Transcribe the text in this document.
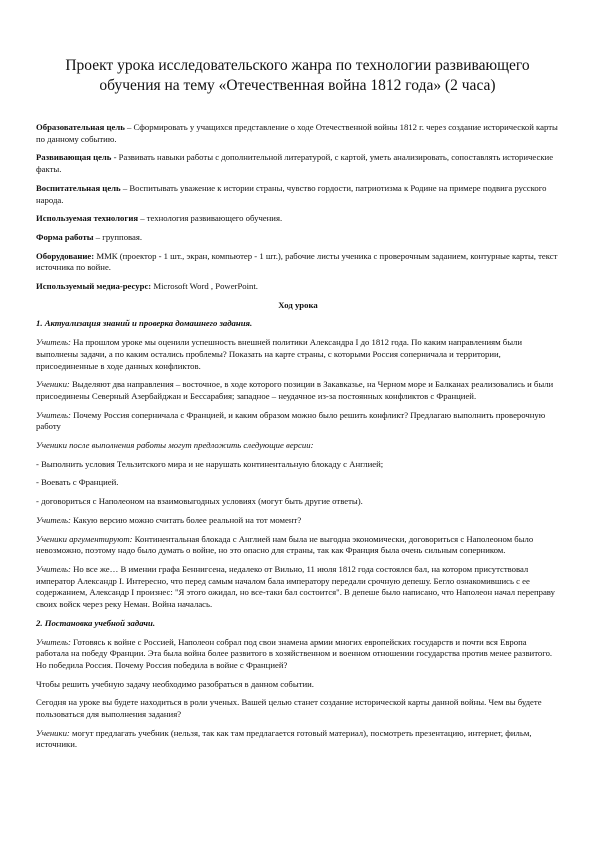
Проект урока исследовательского жанра по технологии развивающего обучения на тему «Отечественная война 1812 года» (2 часа)

Образовательная цель – Сформировать у учащихся представление о ходе Отечественной войны 1812 г. через создание исторической карты по данному событию.

Развивающая цель - Развивать навыки работы с дополнительной литературой, с картой, уметь анализировать, сопоставлять исторические факты.

Воспитательная цель – Воспитывать уважение к истории страны, чувство гордости, патриотизма к Родине на примере подвига русского народа.

Используемая технология – технология развивающего обучения.

Форма работы – групповая.

Оборудование: ММК (проектор - 1 шт., экран, компьютер - 1 шт.), рабочие листы ученика с проверочным заданием, контурные карты, текст источника по войне.

Используемый медиа-ресурс: Microsoft Word , PowerPoint.

Ход урока

1. Актуализация знаний и проверка домашнего задания.

Учитель: На прошлом уроке мы оценили успешность внешней политики Александра I до 1812 года. По каким направлениям были выполнены задачи, а по каким остались проблемы? Показать на карте страны, с которыми Россия соперничала и территории, присоединенные в ходе данных конфликтов.

Ученики: Выделяют два направления – восточное, в ходе которого позиции в Закавказье, на Черном море и Балканах реализовались и были присоединены Северный Азербайджан и Бессарабия; западное – неудачное из-за постоянных конфликтов с Францией.

Учитель: Почему Россия соперничала с Францией, и каким образом можно было решить конфликт? Предлагаю выполнить проверочную работу

Ученики после выполнения работы могут предложить следующие версии:

- Выполнить условия Тельзитского мира и не нарушать континентальную блокаду с Англией;

- Воевать с Францией.

- договориться с Наполеоном на взаимовыгодных условиях (могут быть другие ответы).

Учитель: Какую версию можно считать более реальной на тот момент?

Ученики аргументируют: Континентальная блокада с Англией нам была не выгодна экономически, договориться с Наполеоном было невозможно, поэтому надо было думать о войне, но это опасно для страны, так как Франция была очень сильным соперником.

Учитель: Но все же… В имении графа Беннигсена, недалеко от Вильно, 11 июля 1812 года состоялся бал, на котором присутствовал император Александр I. Интересно, что перед самым началом бала императору передали срочную депешу. Бегло ознакомившись с ее содержанием, Александр I произнес: "Я этого ожидал, но все-таки бал состоится". В депеше было написано, что Наполеон начал переправу своих войск через реку Неман. Война началась.

2. Постановка учебной задачи.

Учитель: Готовясь к войне с Россией, Наполеон собрал под свои знамена армии многих европейских государств и почти вся Европа работала на победу Франции. Эта была война более развитого в хозяйственном и военном отношении государства против менее развитого. Но победила Россия. Почему Россия победила в войне с Францией?

Чтобы решить учебную задачу необходимо разобраться в данном событии.

Сегодня на уроке вы будете находиться в роли ученых. Вашей целью станет создание исторической карты данной войны. Чем вы будете пользоваться для выполнения задания?

Ученики: могут предлагать учебник (нельзя, так как там предлагается готовый материал), посмотреть презентацию, интернет, фильм, источники.
